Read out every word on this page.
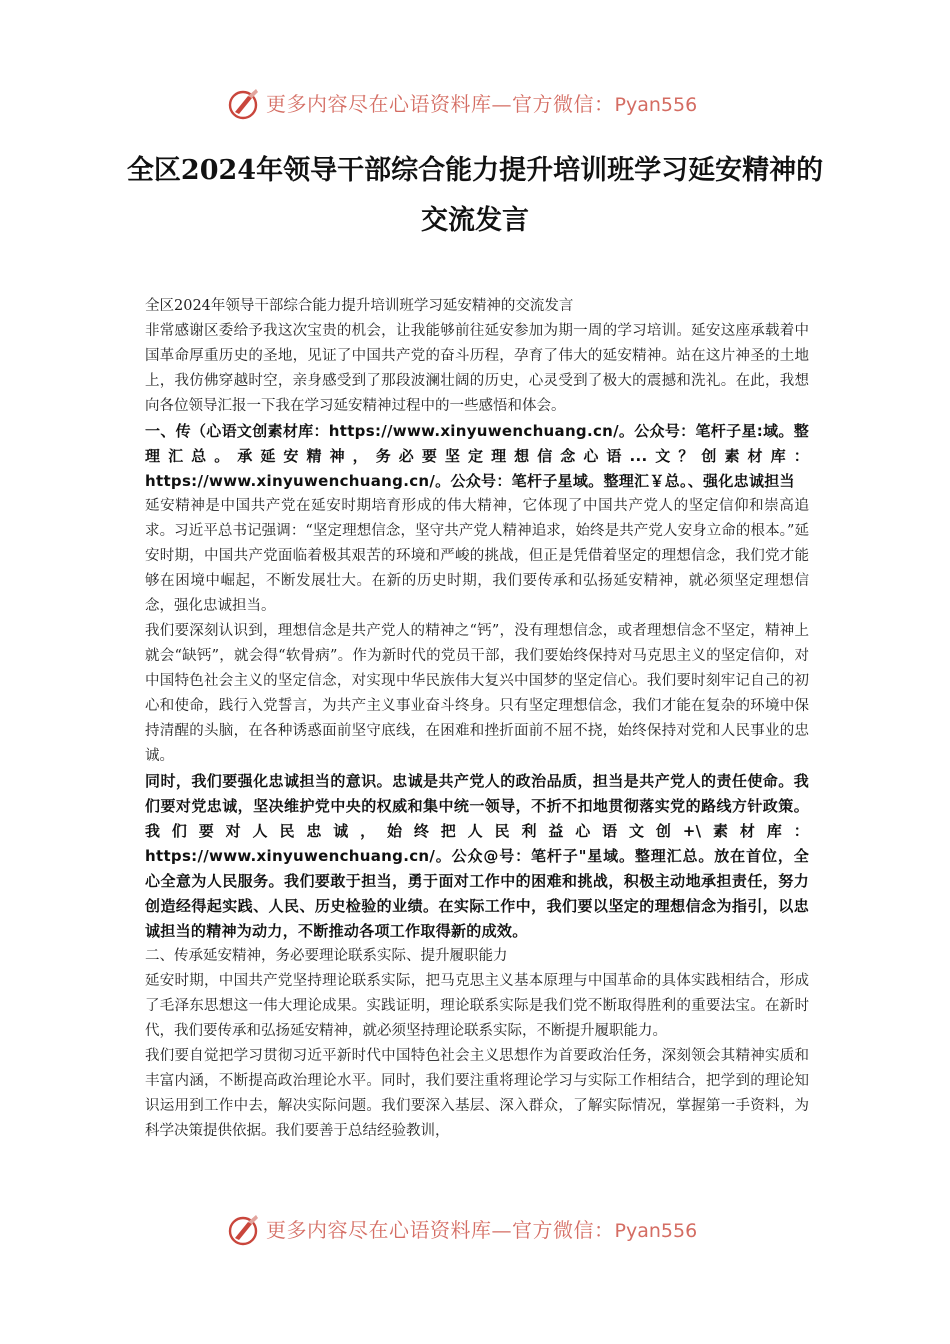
更多内容尽在心语资料库—官方微信：Pyan556
全区2024年领导干部综合能力提升培训班学习延安精神的交流发言

全区2024年领导干部综合能力提升培训班学习延安精神的交流发言

非常感谢区委给予我这次宝贵的机会，让我能够前往延安参加为期一周的学习培训。延安这座承载着中国革命厚重历史的圣地，见证了中国共产党的奋斗历程，孕育了伟大的延安精神。站在这片神圣的土地上，我仿佛穿越时空，亲身感受到了那段波澜壮阔的历史，心灵受到了极大的震撼和洗礼。在此，我想向各位领导汇报一下我在学习延安精神过程中的一些感悟和体会。

一、传（心语文创素材库：https://www.xinyuwenchuang.cn/。公众号：笔杆子星:域。整理汇总。承延安精神，务必要坚定理想信念心语...文？创素材库：https://www.xinyuwenchuang.cn/。公众号：笔杆子星域。整理汇￥总。、强化忠诚担当

延安精神是中国共产党在延安时期培育形成的伟大精神，它体现了中国共产党人的坚定信仰和崇高追求。习近平总书记强调：“坚定理想信念，坚守共产党人精神追求，始终是共产党人安身立命的根本。”延安时期，中国共产党面临着极其艰苦的环境和严峻的挑战，但正是凭借着坚定的理想信念，我们党才能够在困境中崛起，不断发展壮大。在新的历史时期，我们要传承和弘扬延安精神，就必须坚定理想信念，强化忠诚担当。

我们要深刻认识到，理想信念是共产党人的精神之“钙”，没有理想信念，或者理想信念不坚定，精神上就会“缺钙”，就会得“软骨病”。作为新时代的党员干部，我们要始终保持对马克思主义的坚定信仰，对中国特色社会主义的坚定信念，对实现中华民族伟大复兴中国梦的坚定信心。我们要时刻牢记自己的初心和使命，践行入党誓言，为共产主义事业奋斗终身。只有坚定理想信念，我们才能在复杂的环境中保持清醒的头脑，在各种诱惑面前坚守底线，在困难和挫折面前不屈不挠，始终保持对党和人民事业的忠诚。

同时，我们要强化忠诚担当的意识。忠诚是共产党人的政治品质，担当是共产党人的责任使命。我们要对党忠诚，坚决维护党中央的权威和集中统一领导，不折不扣地贯彻落实党的路线方针政策。我们要对人民忠诚，始终把人民利益心语文创+\素材库：https://www.xinyuwenchuang.cn/。公众@号：笔杆子"星域。整理汇总。放在首位，全心全意为人民服务。我们要敢于担当，勇于面对工作中的困难和挑战，积极主动地承担责任，努力创造经得起实践、人民、历史检验的业绩。在实际工作中，我们要以坚定的理想信念为指引，以忠诚担当的精神为动力，不断推动各项工作取得新的成效。

二、传承延安精神，务必要理论联系实际、提升履职能力

延安时期，中国共产党坚持理论联系实际，把马克思主义基本原理与中国革命的具体实践相结合，形成了毛泽东思想这一伟大理论成果。实践证明，理论联系实际是我们党不断取得胜利的重要法宝。在新时代，我们要传承和弘扬延安精神，就必须坚持理论联系实际，不断提升履职能力。

我们要自觉把学习贯彻习近平新时代中国特色社会主义思想作为首要政治任务，深刻领会其精神实质和丰富内涵，不断提高政治理论水平。同时，我们要注重将理论学习与实际工作相结合，把学到的理论知识运用到工作中去，解决实际问题。我们要深入基层、深入群众，了解实际情况，掌握第一手资料，为科学决策提供依据。我们要善于总结经验教训，

更多内容尽在心语资料库—官方微信：Pyan556
